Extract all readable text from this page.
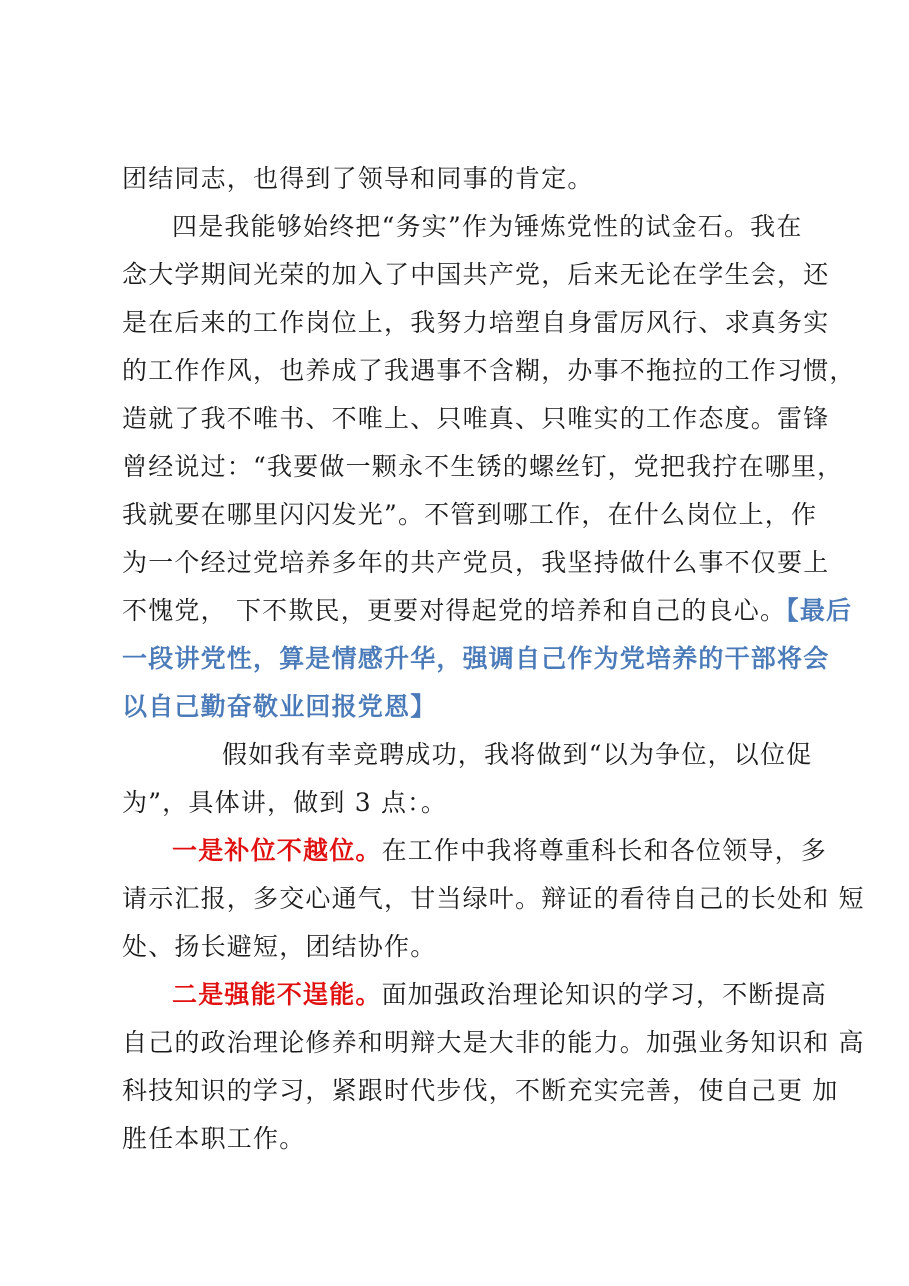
团结同志，也得到了领导和同事的肯定。
四是我能够始终把“务实”作为锤炼党性的试金石。我在
念大学期间光荣的加入了中国共产党，后来无论在学生会，还
是在后来的工作岗位上，我努力培塑自身雷厉风行、求真务实
的工作作风，也养成了我遇事不含糊，办事不拖拉的工作习惯，
造就了我不唯书、不唯上、只唯真、只唯实的工作态度。雷锋
曾经说过：“我要做一颗永不生锈的螺丝钉，党把我拧在哪里，
我就要在哪里闪闪发光”。不管到哪工作，在什么岗位上，作
为一个经过党培养多年的共产党员，我坚持做什么事不仅要上
不愧党， 下不欺民，更要对得起党的培养和自己的良心。【最后
一段讲党性，算是情感升华，强调自己作为党培养的干部将会
以自己勤奋敬业回报党恩】
假如我有幸竞聘成功，我将做到“以为争位，以位促
为”，具体讲，做到 3 点：。
一是补位不越位。在工作中我将尊重科长和各位领导，多
请示汇报，多交心通气，甘当绿叶。辩证的看待自己的长处和 短
处、扬长避短，团结协作。
二是强能不逞能。面加强政治理论知识的学习，不断提高
自己的政治理论修养和明辩大是大非的能力。加强业务知识和 高
科技知识的学习，紧跟时代步伐，不断充实完善，使自己更 加
胜任本职工作。
